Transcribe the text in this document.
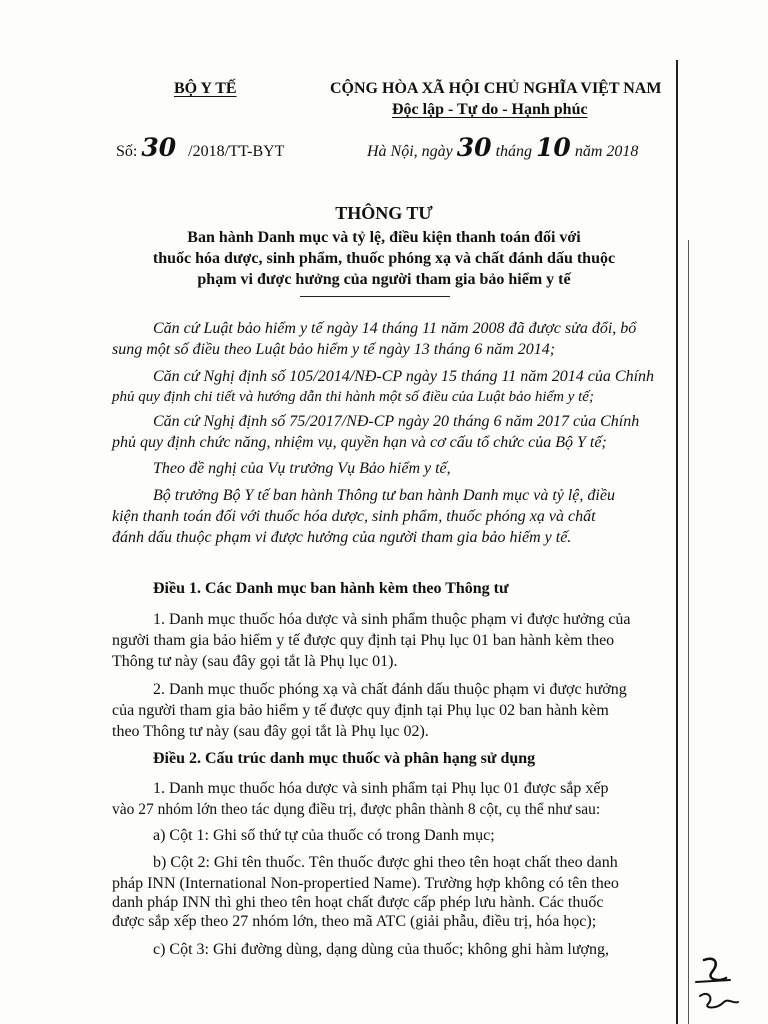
BỘ Y TẾ	CỘNG HÒA XÃ HỘI CHỦ NGHĨA VIỆT NAM
Độc lập - Tự do - Hạnh phúc
Số: 30 /2018/TT-BYT	Hà Nội, ngày 30 tháng 10 năm 2018
THÔNG TƯ
Ban hành Danh mục và tỷ lệ, điều kiện thanh toán đối với
thuốc hóa dược, sinh phẩm, thuốc phóng xạ và chất đánh dấu thuộc
phạm vi được hưởng của người tham gia bảo hiểm y tế
Căn cứ Luật bảo hiểm y tế ngày 14 tháng 11 năm 2008 đã được sửa đổi, bổ
sung một số điều theo Luật bảo hiểm y tế ngày 13 tháng 6 năm 2014;
Căn cứ Nghị định số 105/2014/NĐ-CP ngày 15 tháng 11 năm 2014 của Chính
phủ quy định chi tiết và hướng dẫn thi hành một số điều của Luật bảo hiểm y tế;
Căn cứ Nghị định số 75/2017/NĐ-CP ngày 20 tháng 6 năm 2017 của Chính
phủ quy định chức năng, nhiệm vụ, quyền hạn và cơ cấu tổ chức của Bộ Y tế;
Theo đề nghị của Vụ trưởng Vụ Bảo hiểm y tế,
Bộ trưởng Bộ Y tế ban hành Thông tư ban hành Danh mục và tỷ lệ, điều
kiện thanh toán đối với thuốc hóa dược, sinh phẩm, thuốc phóng xạ và chất
đánh dấu thuộc phạm vi được hưởng của người tham gia bảo hiểm y tế.
Điều 1. Các Danh mục ban hành kèm theo Thông tư
1. Danh mục thuốc hóa dược và sinh phẩm thuộc phạm vi được hưởng của
người tham gia bảo hiểm y tế được quy định tại Phụ lục 01 ban hành kèm theo
Thông tư này (sau đây gọi tắt là Phụ lục 01).
2. Danh mục thuốc phóng xạ và chất đánh dấu thuộc phạm vi được hưởng
của người tham gia bảo hiểm y tế được quy định tại Phụ lục 02 ban hành kèm
theo Thông tư này (sau đây gọi tắt là Phụ lục 02).
Điều 2. Cấu trúc danh mục thuốc và phân hạng sử dụng
1. Danh mục thuốc hóa dược và sinh phẩm tại Phụ lục 01 được sắp xếp
vào 27 nhóm lớn theo tác dụng điều trị, được phân thành 8 cột, cụ thể như sau:
a) Cột 1: Ghi số thứ tự của thuốc có trong Danh mục;
b) Cột 2: Ghi tên thuốc. Tên thuốc được ghi theo tên hoạt chất theo danh
pháp INN (International Non-propertied Name). Trường hợp không có tên theo
danh pháp INN thì ghi theo tên hoạt chất được cấp phép lưu hành. Các thuốc
được sắp xếp theo 27 nhóm lớn, theo mã ATC (giải phẫu, điều trị, hóa học);
c) Cột 3: Ghi đường dùng, dạng dùng của thuốc; không ghi hàm lượng,
